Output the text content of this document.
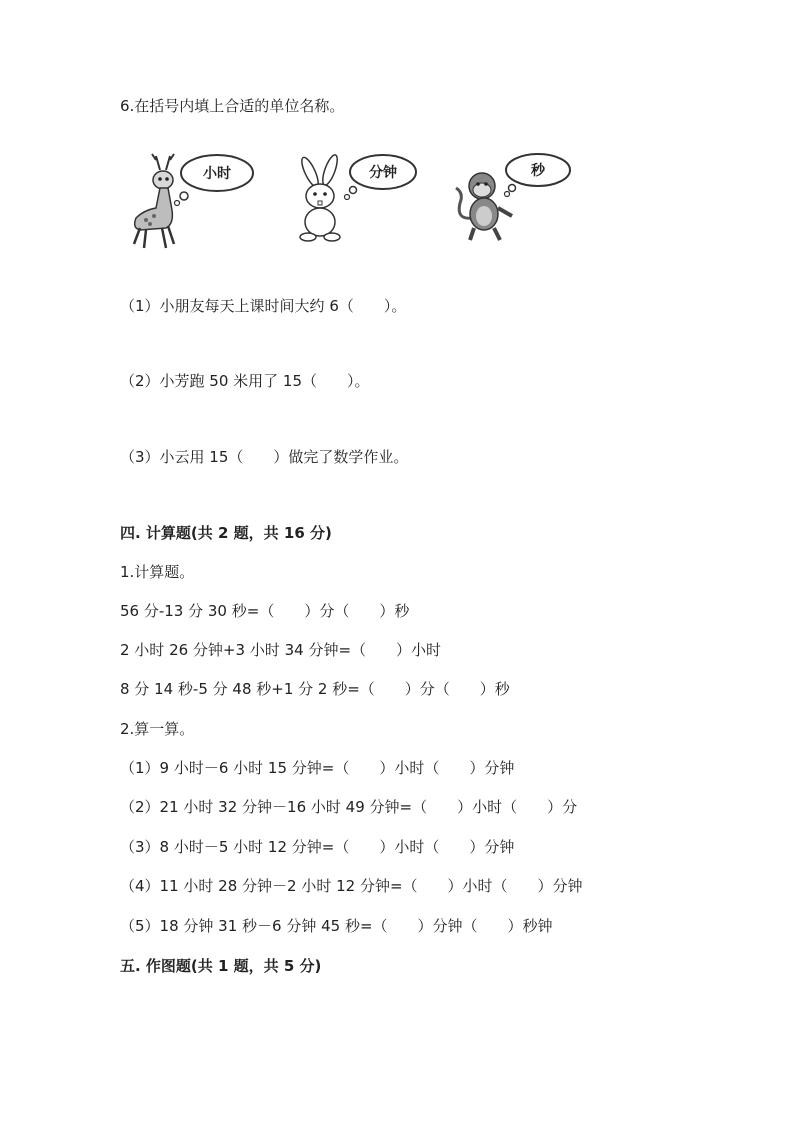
6.在括号内填上合适的单位名称。
小时	分钟	秒
（1）小朋友每天上课时间大约 6（　　）。
（2）小芳跑 50 米用了 15（　　）。
（3）小云用 15（　　）做完了数学作业。
四. 计算题(共 2 题，共 16 分)
1.计算题。
56 分-13 分 30 秒=（　　）分（　　）秒
2 小时 26 分钟+3 小时 34 分钟=（　　）小时
8 分 14 秒-5 分 48 秒+1 分 2 秒=（　　）分（　　）秒
2.算一算。
（1）9 小时－6 小时 15 分钟=（　　）小时（　　）分钟
（2）21 小时 32 分钟－16 小时 49 分钟=（　　）小时（　　）分
（3）8 小时－5 小时 12 分钟=（　　）小时（　　）分钟
（4）11 小时 28 分钟－2 小时 12 分钟=（　　）小时（　　）分钟
（5）18 分钟 31 秒－6 分钟 45 秒=（　　）分钟（　　）秒钟
五. 作图题(共 1 题，共 5 分)
